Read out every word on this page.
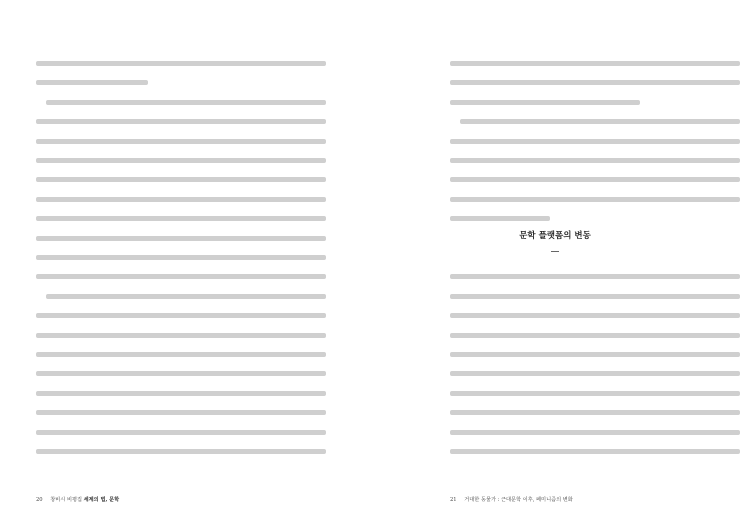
20 창비시 비평집 세계의 법, 문학
문학 플랫폼의 변동
21 거대한 동물가 : 근대문학 이후, 페미니즘의 변화
